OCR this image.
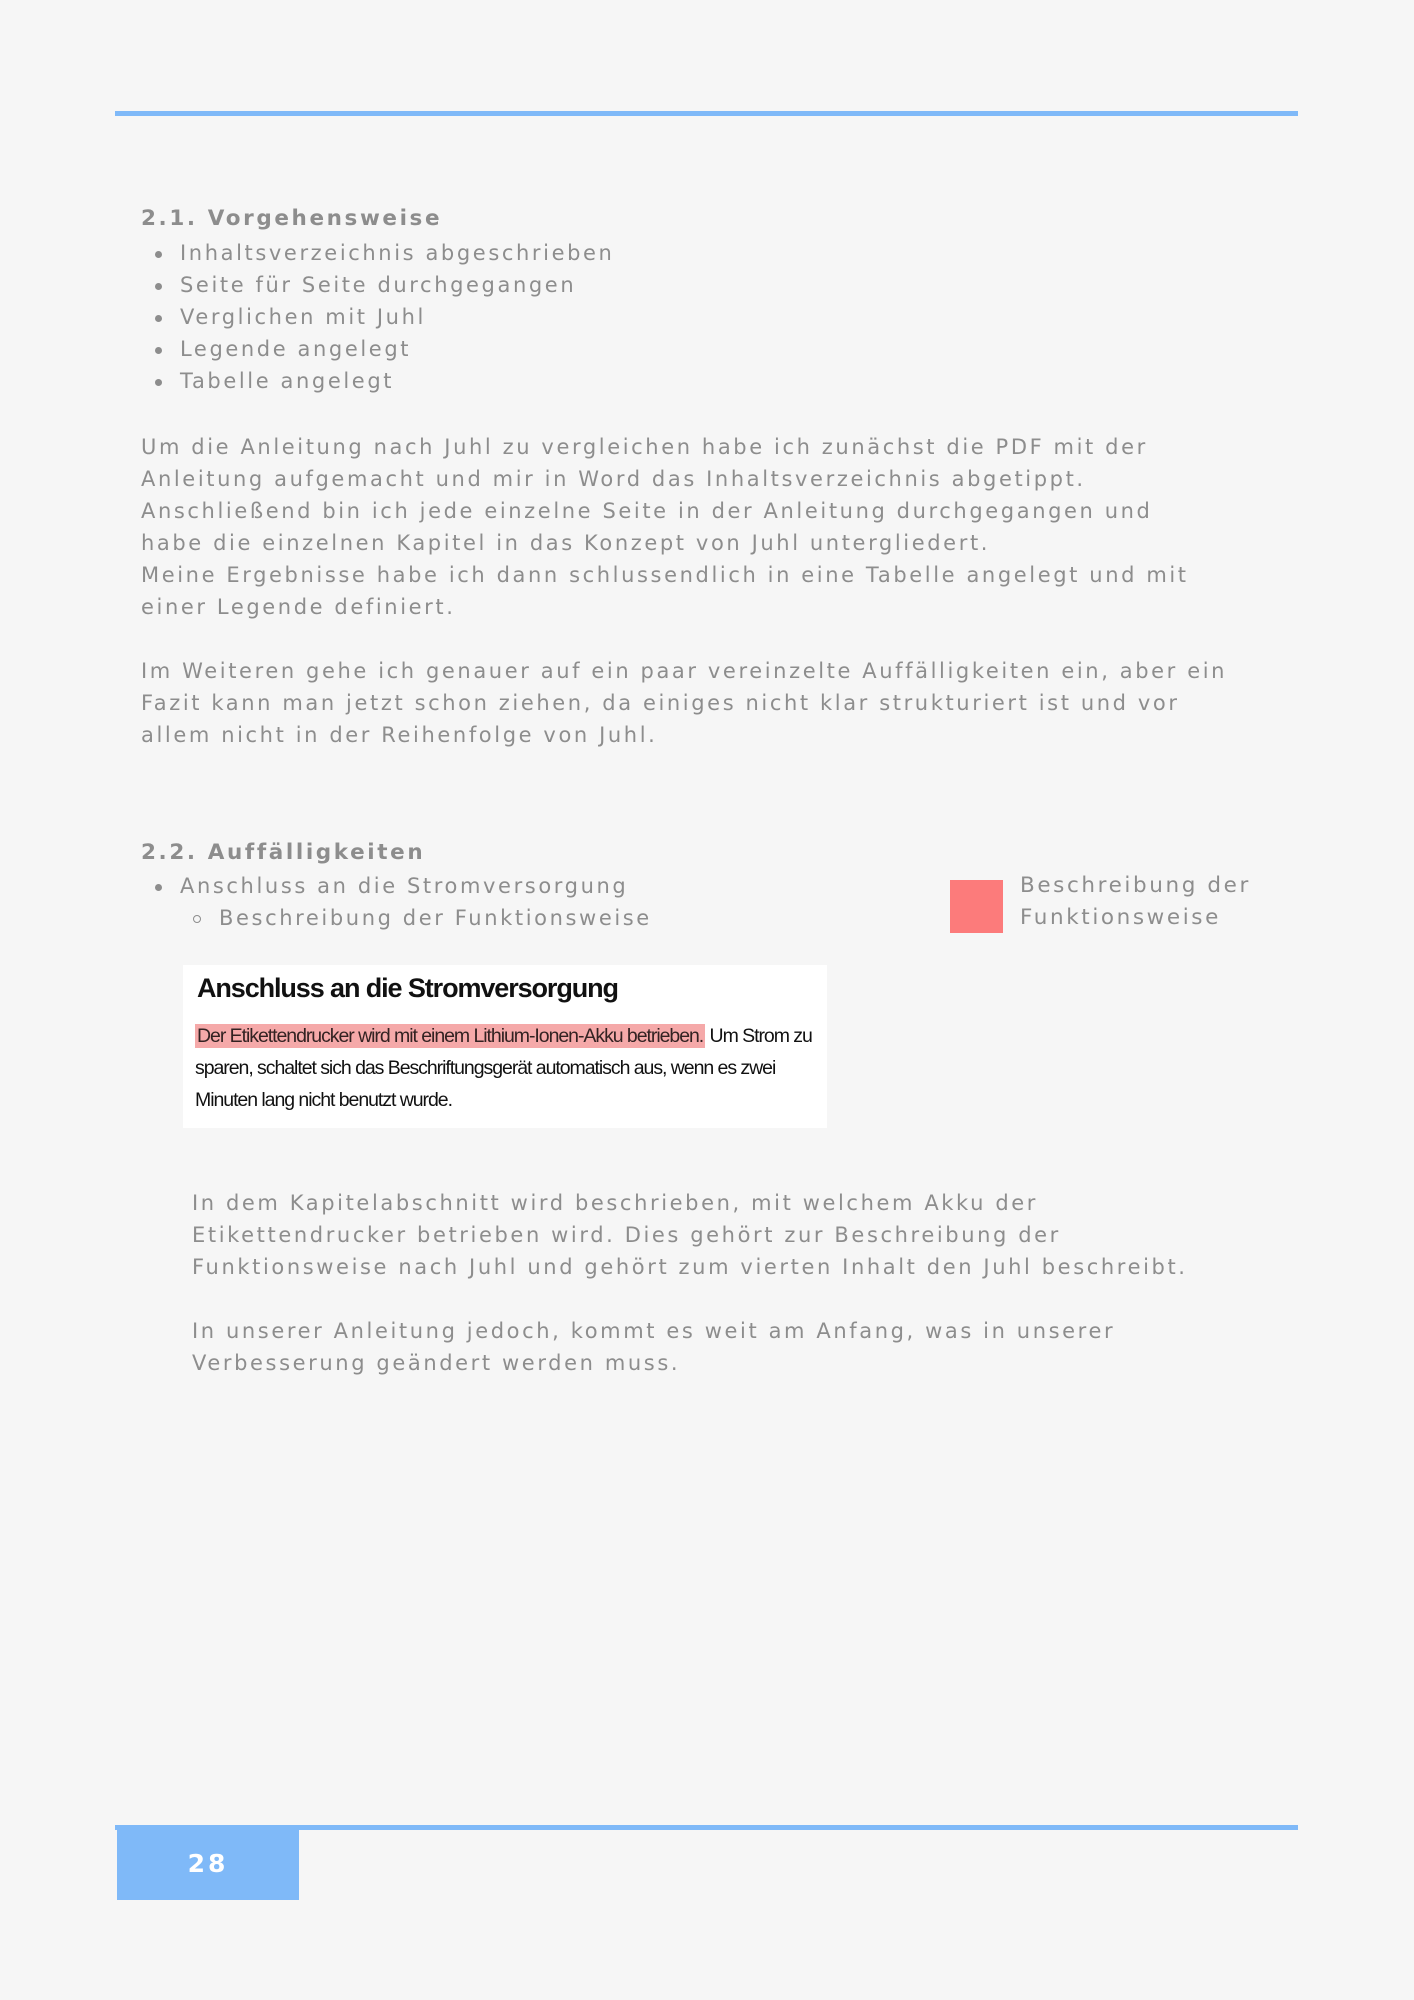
2.1. Vorgehensweise
Inhaltsverzeichnis abgeschrieben
Seite für Seite durchgegangen
Verglichen mit Juhl
Legende angelegt
Tabelle angelegt

Um die Anleitung nach Juhl zu vergleichen habe ich zunächst die PDF mit der
Anleitung aufgemacht und mir in Word das Inhaltsverzeichnis abgetippt.
Anschließend bin ich jede einzelne Seite in der Anleitung durchgegangen und
habe die einzelnen Kapitel in das Konzept von Juhl untergliedert.
Meine Ergebnisse habe ich dann schlussendlich in eine Tabelle angelegt und mit
einer Legende definiert.

Im Weiteren gehe ich genauer auf ein paar vereinzelte Auffälligkeiten ein, aber ein
Fazit kann man jetzt schon ziehen, da einiges nicht klar strukturiert ist und vor
allem nicht in der Reihenfolge von Juhl.

2.2. Auffälligkeiten
Anschluss an die Stromversorgung
Beschreibung der Funktionsweise

Beschreibung der
Funktionsweise

Anschluss an die Stromversorgung

Der Etikettendrucker wird mit einem Lithium-Ionen-Akku betrieben. Um Strom zu sparen, schaltet sich das Beschriftungsgerät automatisch aus, wenn es zwei Minuten lang nicht benutzt wurde.

In dem Kapitelabschnitt wird beschrieben, mit welchem Akku der
Etikettendrucker betrieben wird. Dies gehört zur Beschreibung der
Funktionsweise nach Juhl und gehört zum vierten Inhalt den Juhl beschreibt.

In unserer Anleitung jedoch, kommt es weit am Anfang, was in unserer
Verbesserung geändert werden muss.

28
